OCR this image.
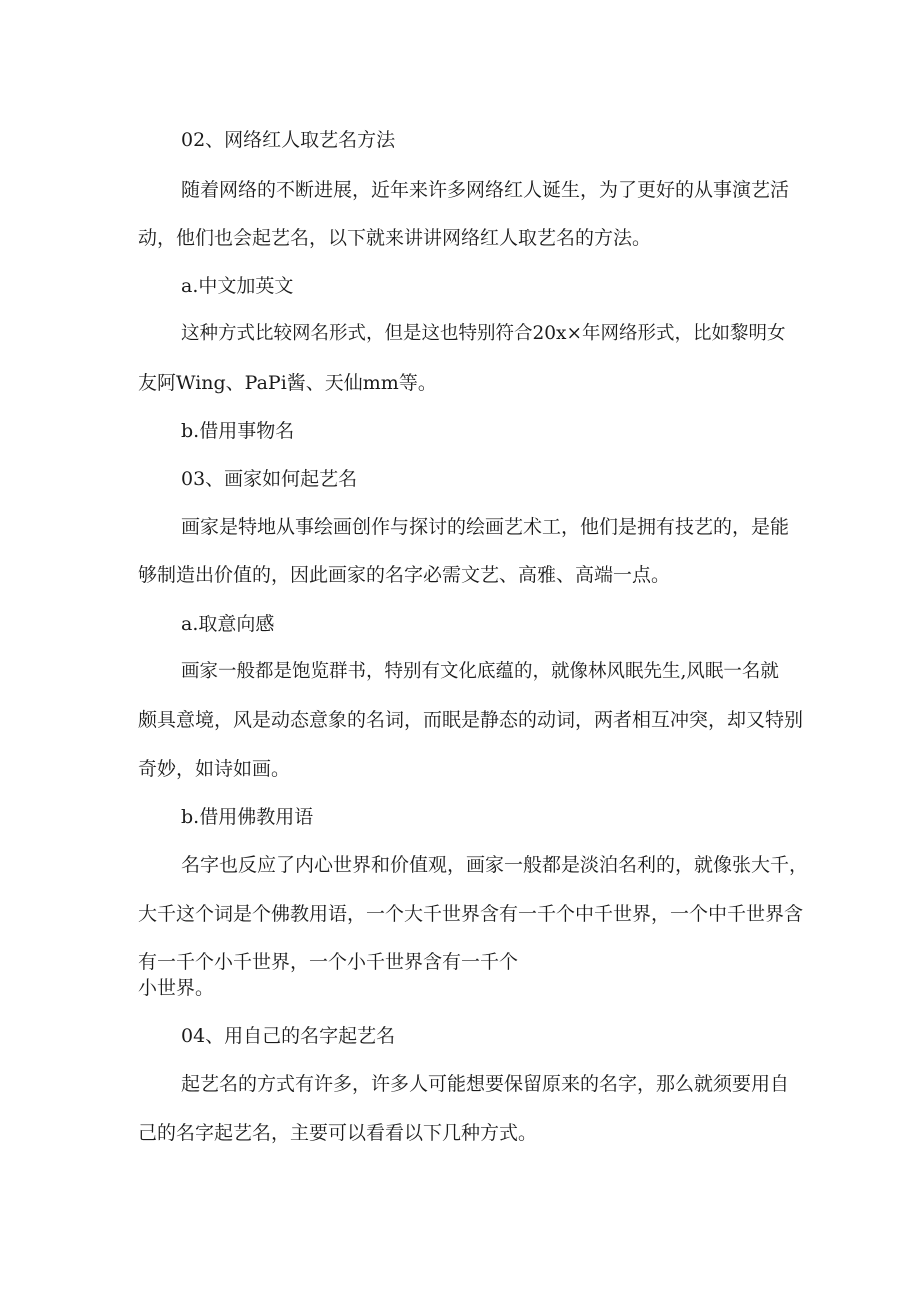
02、网络红人取艺名方法

随着网络的不断进展，近年来许多网络红人诞生，为了更好的从事演艺活

动，他们也会起艺名，以下就来讲讲网络红人取艺名的方法。

a.中文加英文

这种方式比较网名形式，但是这也特别符合20x×年网络形式，比如黎明女

友阿Wing、PaPi酱、天仙mm等。

b.借用事物名

03、画家如何起艺名

画家是特地从事绘画创作与探讨的绘画艺术工，他们是拥有技艺的，是能

够制造出价值的，因此画家的名字必需文艺、高雅、高端一点。

a.取意向感

画家一般都是饱览群书，特别有文化底蕴的，就像林风眠先生,风眠一名就

颇具意境，风是动态意象的名词，而眠是静态的动词，两者相互冲突，却又特别

奇妙，如诗如画。

b.借用佛教用语

名字也反应了内心世界和价值观，画家一般都是淡泊名利的，就像张大千，

大千这个词是个佛教用语，一个大千世界含有一千个中千世界，一个中千世界含

有一千个小千世界，一个小千世界含有一千个

小世界。

04、用自己的名字起艺名

起艺名的方式有许多，许多人可能想要保留原来的名字，那么就须要用自

己的名字起艺名，主要可以看看以下几种方式。
